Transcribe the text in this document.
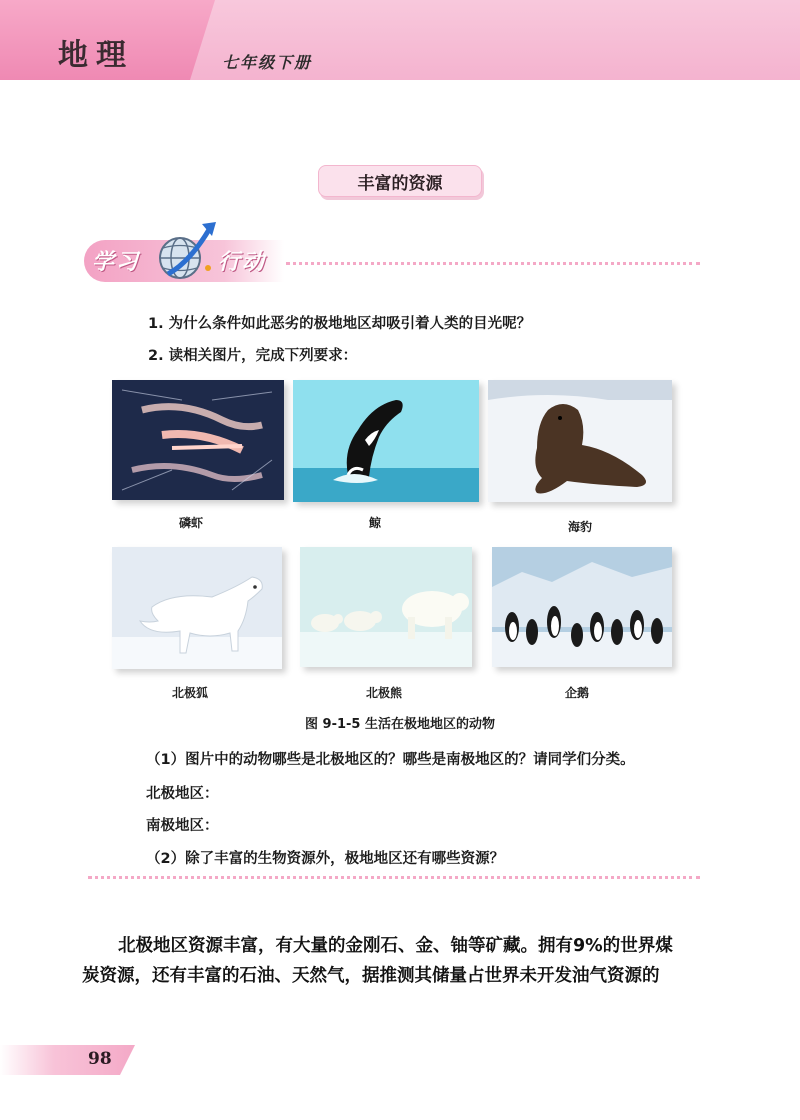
地理	七年级下册
丰富的资源
学习	行动
1. 为什么条件如此恶劣的极地地区却吸引着人类的目光呢？
2. 读相关图片，完成下列要求：
磷虾	鲸	海豹
北极狐	北极熊	企鹅
图 9-1-5 生活在极地地区的动物
（1）图片中的动物哪些是北极地区的？哪些是南极地区的？请同学们分类。
北极地区：
南极地区：
（2）除了丰富的生物资源外，极地地区还有哪些资源？
北极地区资源丰富，有大量的金刚石、金、铀等矿藏。拥有9%的世界煤
炭资源，还有丰富的石油、天然气，据推测其储量占世界未开发油气资源的
98
